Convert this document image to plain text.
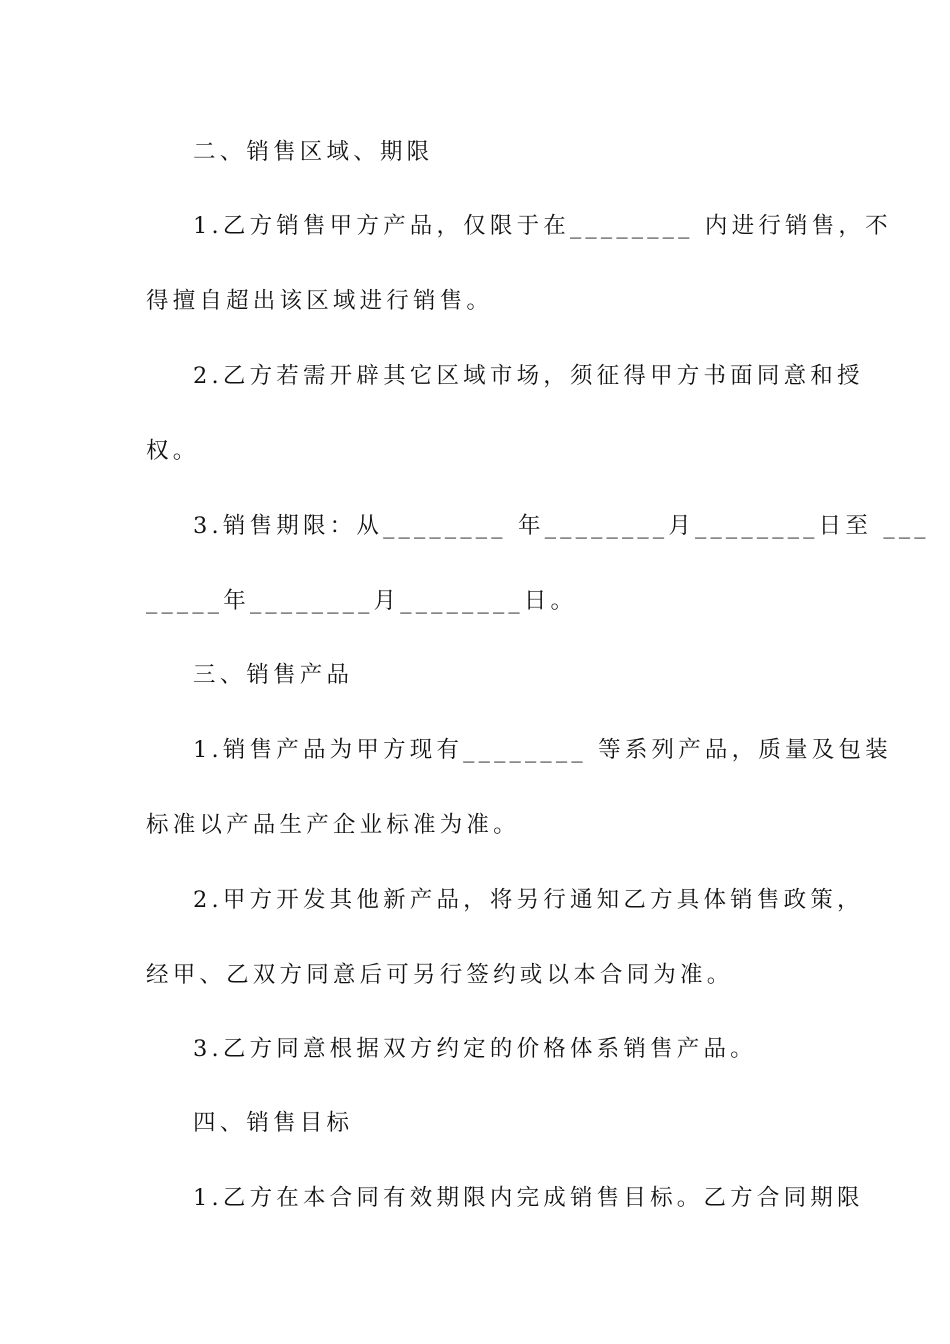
二、销售区域、期限
1.乙方销售甲方产品，仅限于在________ 内进行销售，不
得擅自超出该区域进行销售。
2.乙方若需开辟其它区域市场，须征得甲方书面同意和授
权。
3.销售期限：从________ 年________月________日至 ___
_____年________月________日。
三、销售产品
1.销售产品为甲方现有________ 等系列产品，质量及包装
标准以产品生产企业标准为准。
2.甲方开发其他新产品，将另行通知乙方具体销售政策，
经甲、乙双方同意后可另行签约或以本合同为准。
3.乙方同意根据双方约定的价格体系销售产品。
四、销售目标
1.乙方在本合同有效期限内完成销售目标。乙方合同期限
